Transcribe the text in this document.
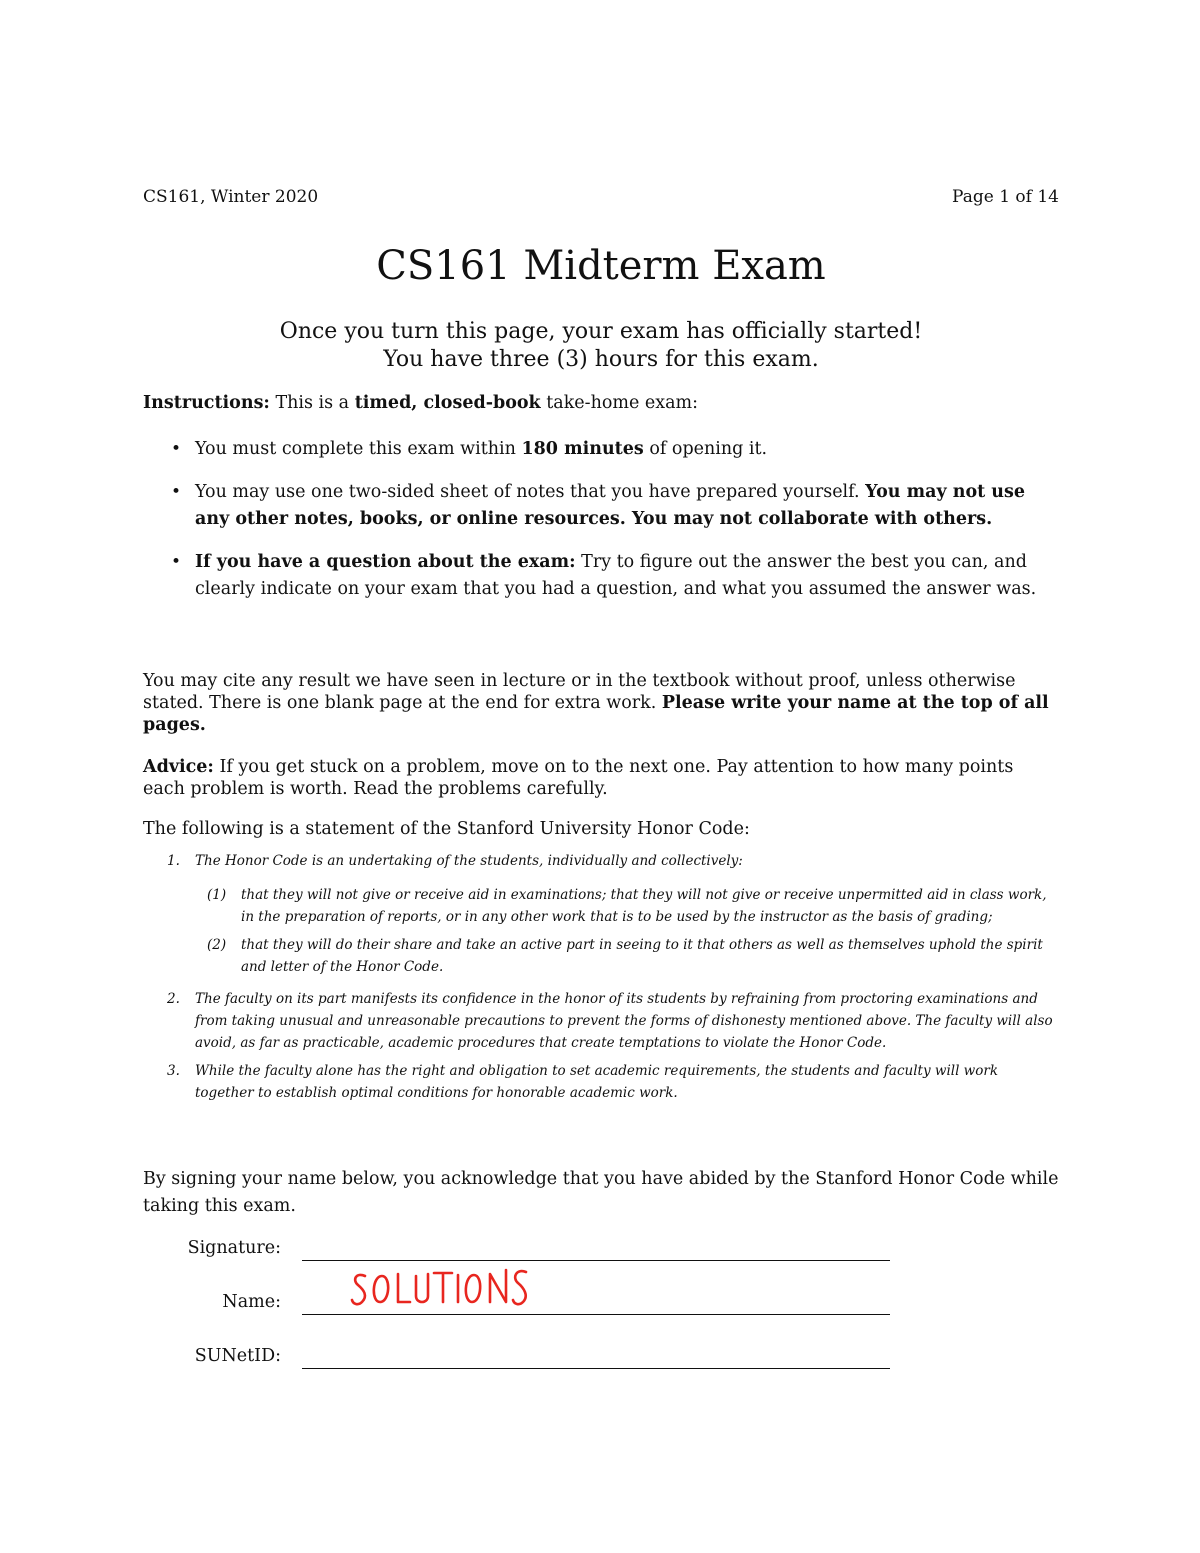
CS161, Winter 2020	Page 1 of 14
CS161 Midterm Exam
Once you turn this page, your exam has officially started!
You have three (3) hours for this exam.
Instructions: This is a timed, closed-book take-home exam:
• You must complete this exam within 180 minutes of opening it.
• You may use one two-sided sheet of notes that you have prepared yourself. You may not use any other notes, books, or online resources. You may not collaborate with others.
• If you have a question about the exam: Try to figure out the answer the best you can, and clearly indicate on your exam that you had a question, and what you assumed the answer was.
You may cite any result we have seen in lecture or in the textbook without proof, unless otherwise stated. There is one blank page at the end for extra work. Please write your name at the top of all pages.
Advice: If you get stuck on a problem, move on to the next one. Pay attention to how many points each problem is worth. Read the problems carefully.
The following is a statement of the Stanford University Honor Code:
1. The Honor Code is an undertaking of the students, individually and collectively:
(1) that they will not give or receive aid in examinations; that they will not give or receive unpermitted aid in class work, in the preparation of reports, or in any other work that is to be used by the instructor as the basis of grading;
(2) that they will do their share and take an active part in seeing to it that others as well as themselves uphold the spirit and letter of the Honor Code.
2. The faculty on its part manifests its confidence in the honor of its students by refraining from proctoring examinations and from taking unusual and unreasonable precautions to prevent the forms of dishonesty mentioned above. The faculty will also avoid, as far as practicable, academic procedures that create temptations to violate the Honor Code.
3. While the faculty alone has the right and obligation to set academic requirements, the students and faculty will work together to establish optimal conditions for honorable academic work.
By signing your name below, you acknowledge that you have abided by the Stanford Honor Code while taking this exam.
Signature:
Name:
SUNetID:
